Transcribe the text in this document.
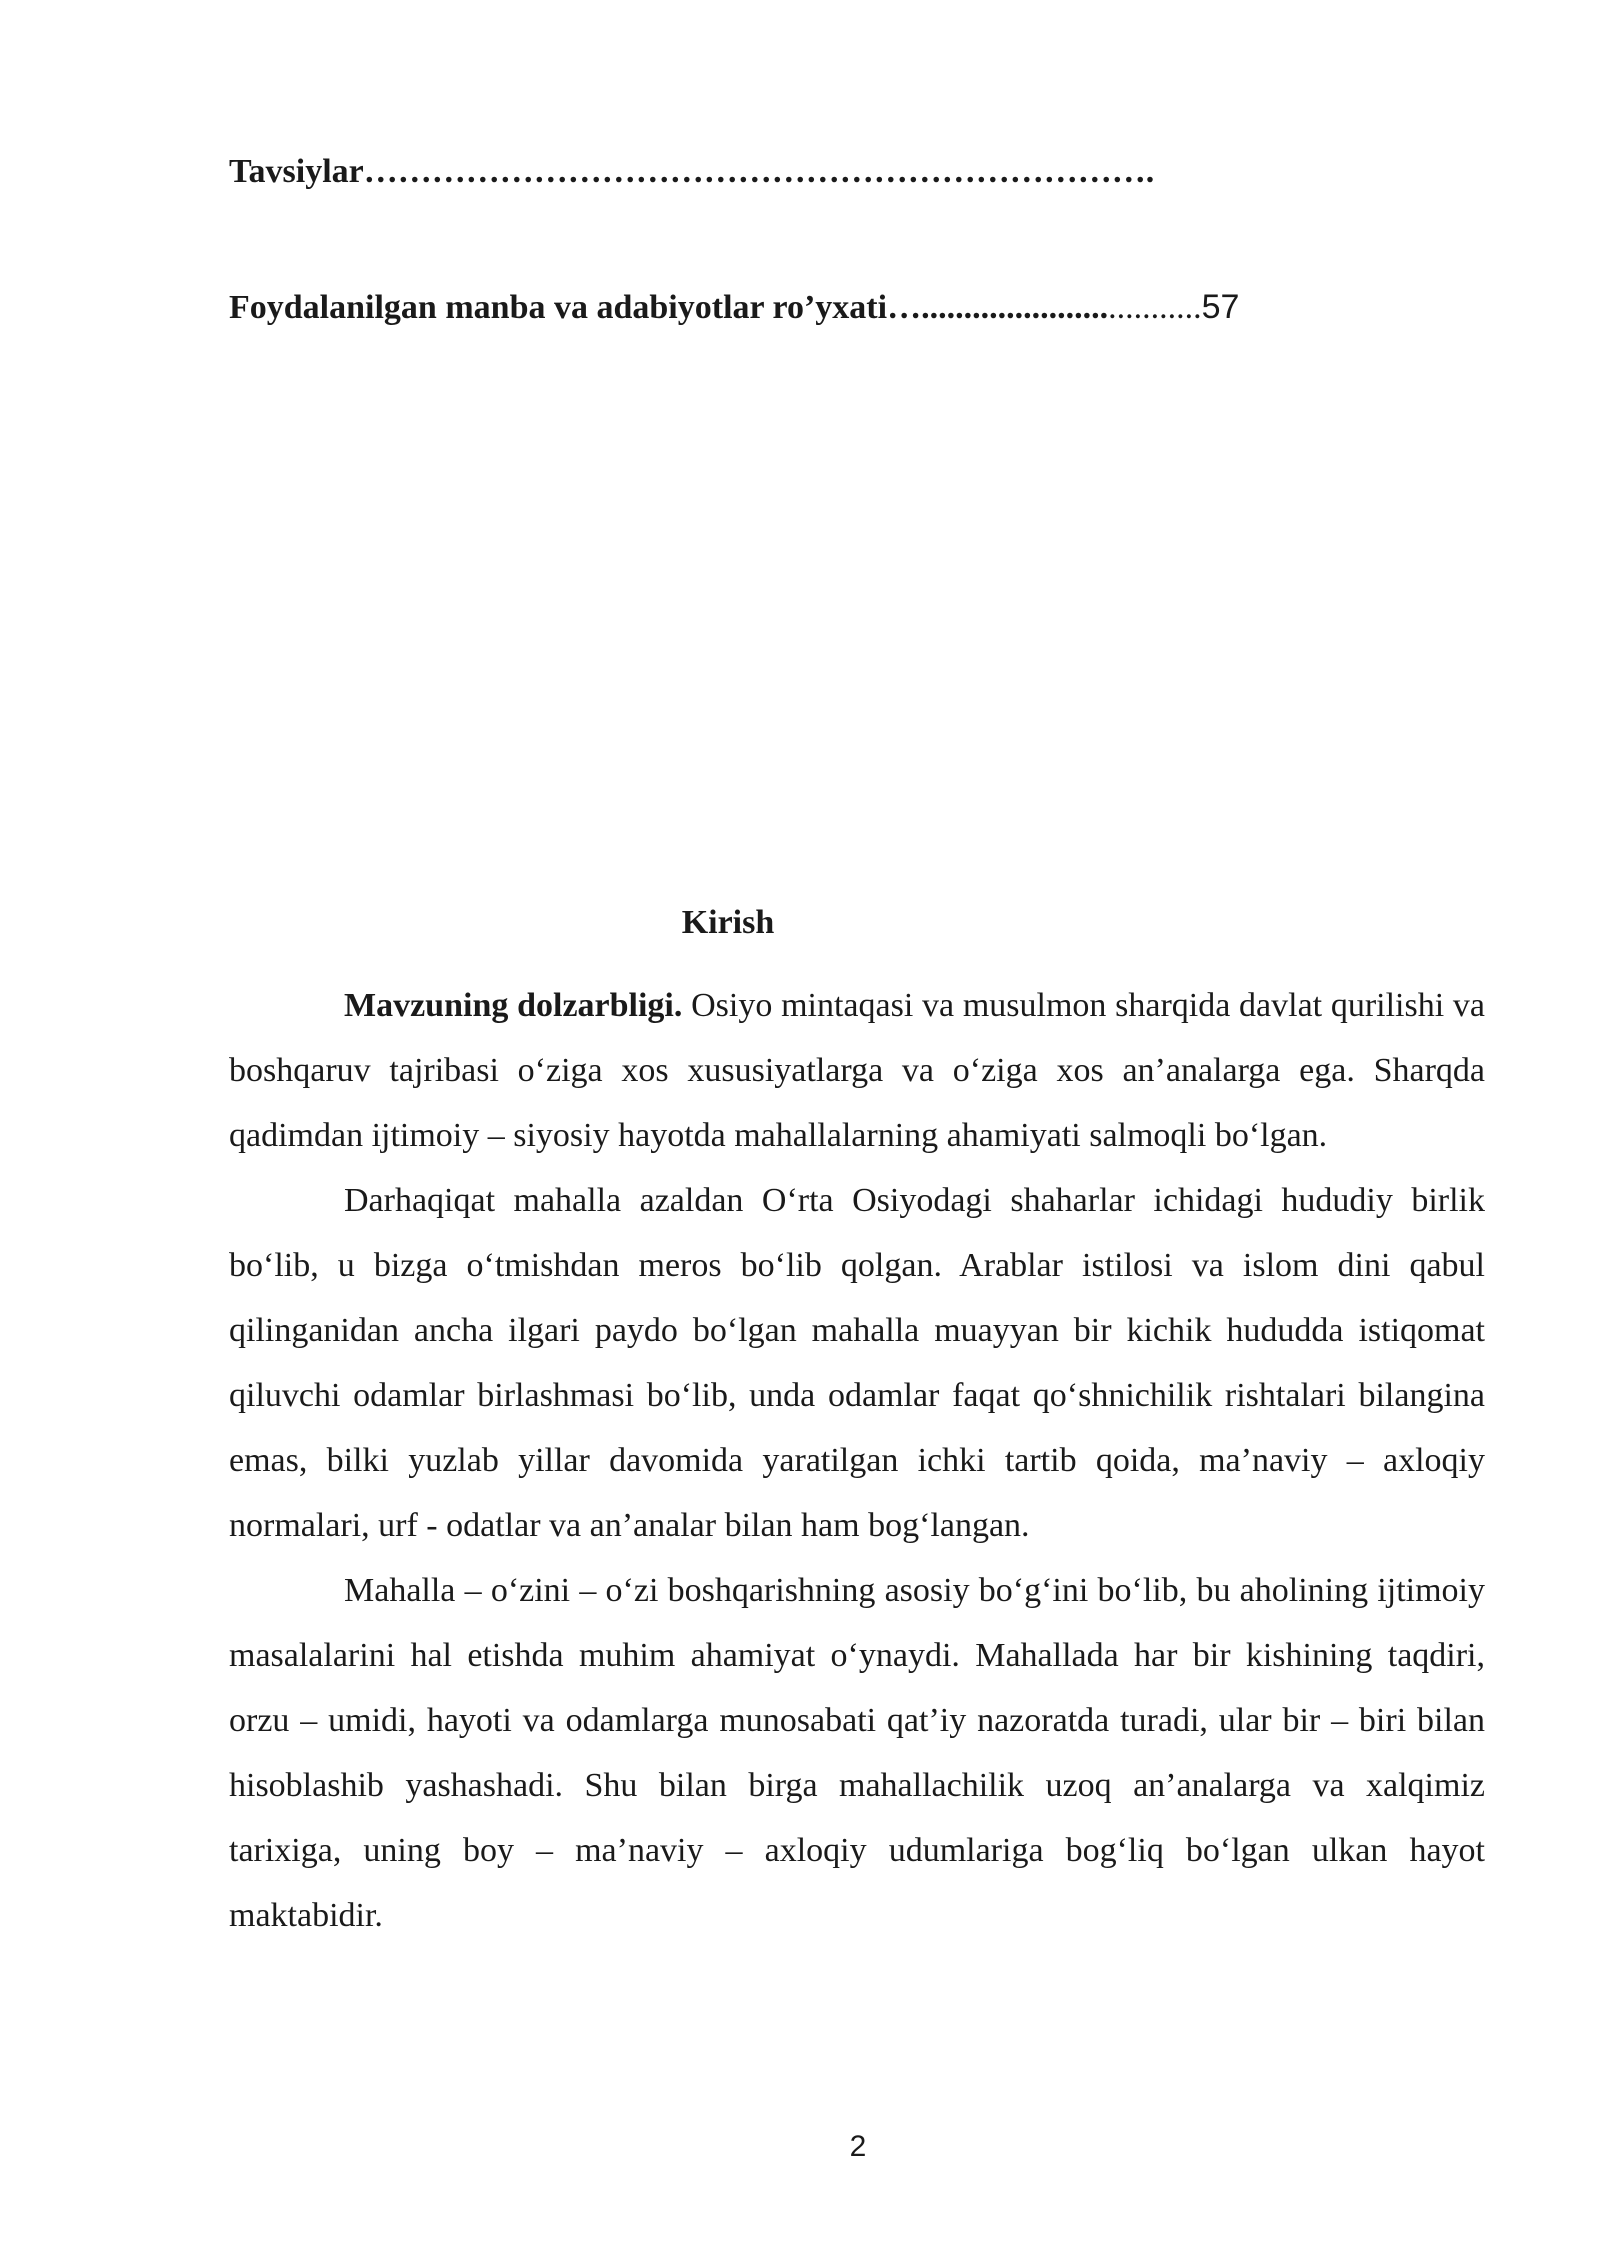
Tavsiylar…………………………………………………………….
Foydalanilgan manba va adabiyotlar ro’yxati….................................57
Kirish

Mavzuning dolzarbligi. Osiyo mintaqasi va musulmon sharqida davlat qurilishi va boshqaruv tajribasi o‘ziga xos xususiyatlarga va o‘ziga xos an’analarga ega. Sharqda qadimdan ijtimoiy – siyosiy hayotda mahallalarning ahamiyati salmoqli bo‘lgan.

Darhaqiqat mahalla azaldan O‘rta Osiyodagi shaharlar ichidagi hududiy birlik bo‘lib, u bizga o‘tmishdan meros bo‘lib qolgan. Arablar istilosi va islom dini qabul qilinganidan ancha ilgari paydo bo‘lgan mahalla muayyan bir kichik hududda istiqomat qiluvchi odamlar birlashmasi bo‘lib, unda odamlar faqat qo‘shnichilik rishtalari bilangina emas, bilki yuzlab yillar davomida yaratilgan ichki tartib qoida, ma’naviy – axloqiy normalari, urf - odatlar va an’analar bilan ham bog‘langan.

Mahalla – o‘zini – o‘zi boshqarishning asosiy bo‘g‘ini bo‘lib, bu aholining ijtimoiy masalalarini hal etishda muhim ahamiyat o‘ynaydi. Mahallada har bir kishining taqdiri, orzu – umidi, hayoti va odamlarga munosabati qat’iy nazoratda turadi, ular bir – biri bilan hisoblashib yashashadi. Shu bilan birga mahallachilik uzoq an’analarga va xalqimiz tarixiga, uning boy – ma’naviy – axloqiy udumlariga bog‘liq bo‘lgan ulkan hayot maktabidir.

2
